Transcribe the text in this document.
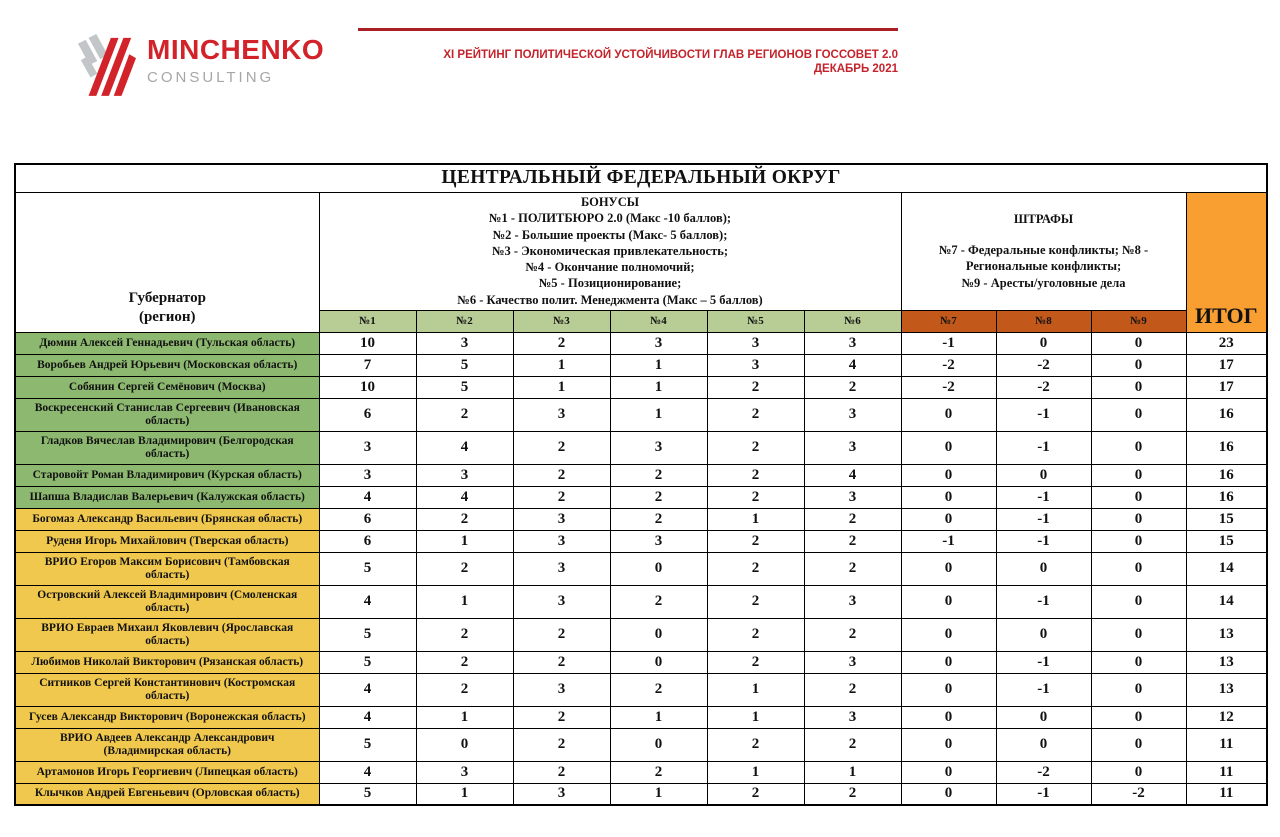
MINCHENKO
CONSULTING
XI РЕЙТИНГ ПОЛИТИЧЕСКОЙ УСТОЙЧИВОСТИ ГЛАВ РЕГИОНОВ ГОССОВЕТ 2.0
ДЕКАБРЬ 2021
ЦЕНТРАЛЬНЫЙ ФЕДЕРАЛЬНЫЙ ОКРУГ										

Губернатор
(регион)

БОНУСЫ
№1 - ПОЛИТБЮРО 2.0 (Макс -10 баллов);
№2 - Большие проекты (Макс- 5 баллов);
№3 - Экономическая привлекательность;
№4 - Окончание полномочий;
№5 - Позиционирование;
№6 - Качество полит. Менеджмента (Макс – 5 баллов)

ШТРАФЫ
№7 - Федеральные конфликты; №8 - Региональные конфликты;
№9 - Аресты/уголовные дела
	ИТОГ
	№1	№2	№3	№4	№5	№6	№7	№8	№9	
Дюмин Алексей Геннадьевич (Тульская область)	10	3	2	3	3	3	-1	0	0	23
Воробьев Андрей Юрьевич (Московская область)	7	5	1	1	3	4	-2	-2	0	17
Собянин Сергей Семёнович (Москва)	10	5	1	1	2	2	-2	-2	0	17
Воскресенский Станислав Сергеевич (Ивановская область)	6	2	3	1	2	3	0	-1	0	16
Гладков Вячеслав Владимирович (Белгородская область)	3	4	2	3	2	3	0	-1	0	16
Старовойт Роман Владимирович (Курская область)	3	3	2	2	2	4	0	0	0	16
Шапша Владислав Валерьевич (Калужская область)	4	4	2	2	2	3	0	-1	0	16
Богомаз Александр Васильевич (Брянская область)	6	2	3	2	1	2	0	-1	0	15
Руденя Игорь Михайлович (Тверская область)	6	1	3	3	2	2	-1	-1	0	15
ВРИО Егоров Максим Борисович (Тамбовская область)	5	2	3	0	2	2	0	0	0	14
Островский Алексей Владимирович (Смоленская область)	4	1	3	2	2	3	0	-1	0	14
ВРИО Евраев Михаил Яковлевич (Ярославская область)	5	2	2	0	2	2	0	0	0	13
Любимов Николай Викторович (Рязанская область)	5	2	2	0	2	3	0	-1	0	13
Ситников Сергей Константинович (Костромская область)	4	2	3	2	1	2	0	-1	0	13
Гусев Александр Викторович (Воронежская область)	4	1	2	1	1	3	0	0	0	12
ВРИО Авдеев Александр Александрович (Владимирская область)	5	0	2	0	2	2	0	0	0	11
Артамонов Игорь Георгиевич (Липецкая область)	4	3	2	2	1	1	0	-2	0	11
Клычков Андрей Евгеньевич (Орловская область)	5	1	3	1	2	2	0	-1	-2	11
